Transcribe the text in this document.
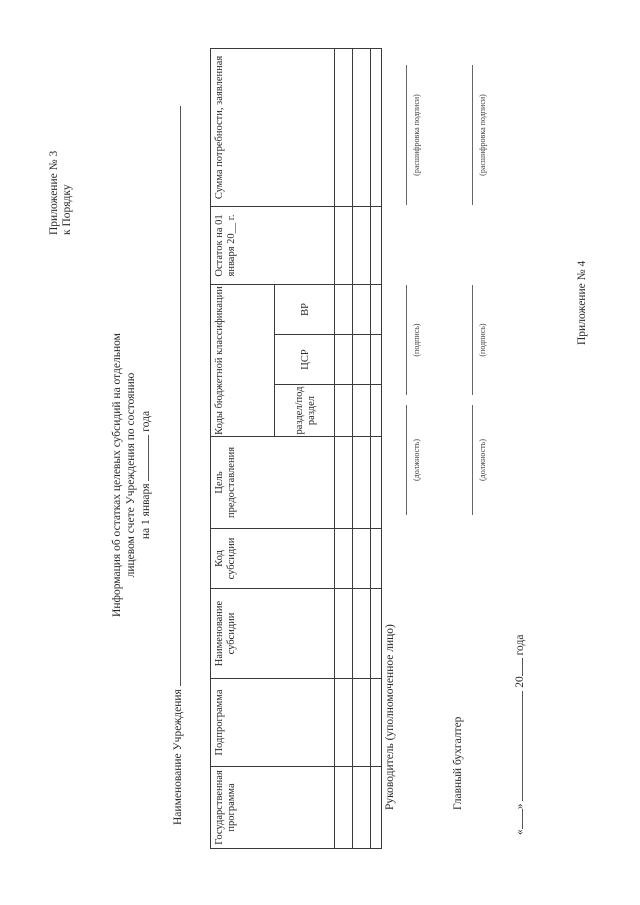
Приложение № 3 к Порядку
Информация об остатках целевых субсидий на отдельном лицевом счете Учреждения по состоянию на 1 января  года
Наименование Учреждения	Государственная программа	Подпрограмма	Наименование субсидии	Код субсидии	Цель предоставления	Коды бюджетной классификации			Остаток на 01 января 20__ г.	Сумма потребности, заявленная
					раздел/под раздел	ЦСР	ВР		

Руководитель (уполномоченное лицо)
(должность)
(подпись)
(расшифровка подписи)
Главный бухгалтер
(должность)
(подпись)
(расшифровка подписи)
«»  20 года
Приложение № 4
